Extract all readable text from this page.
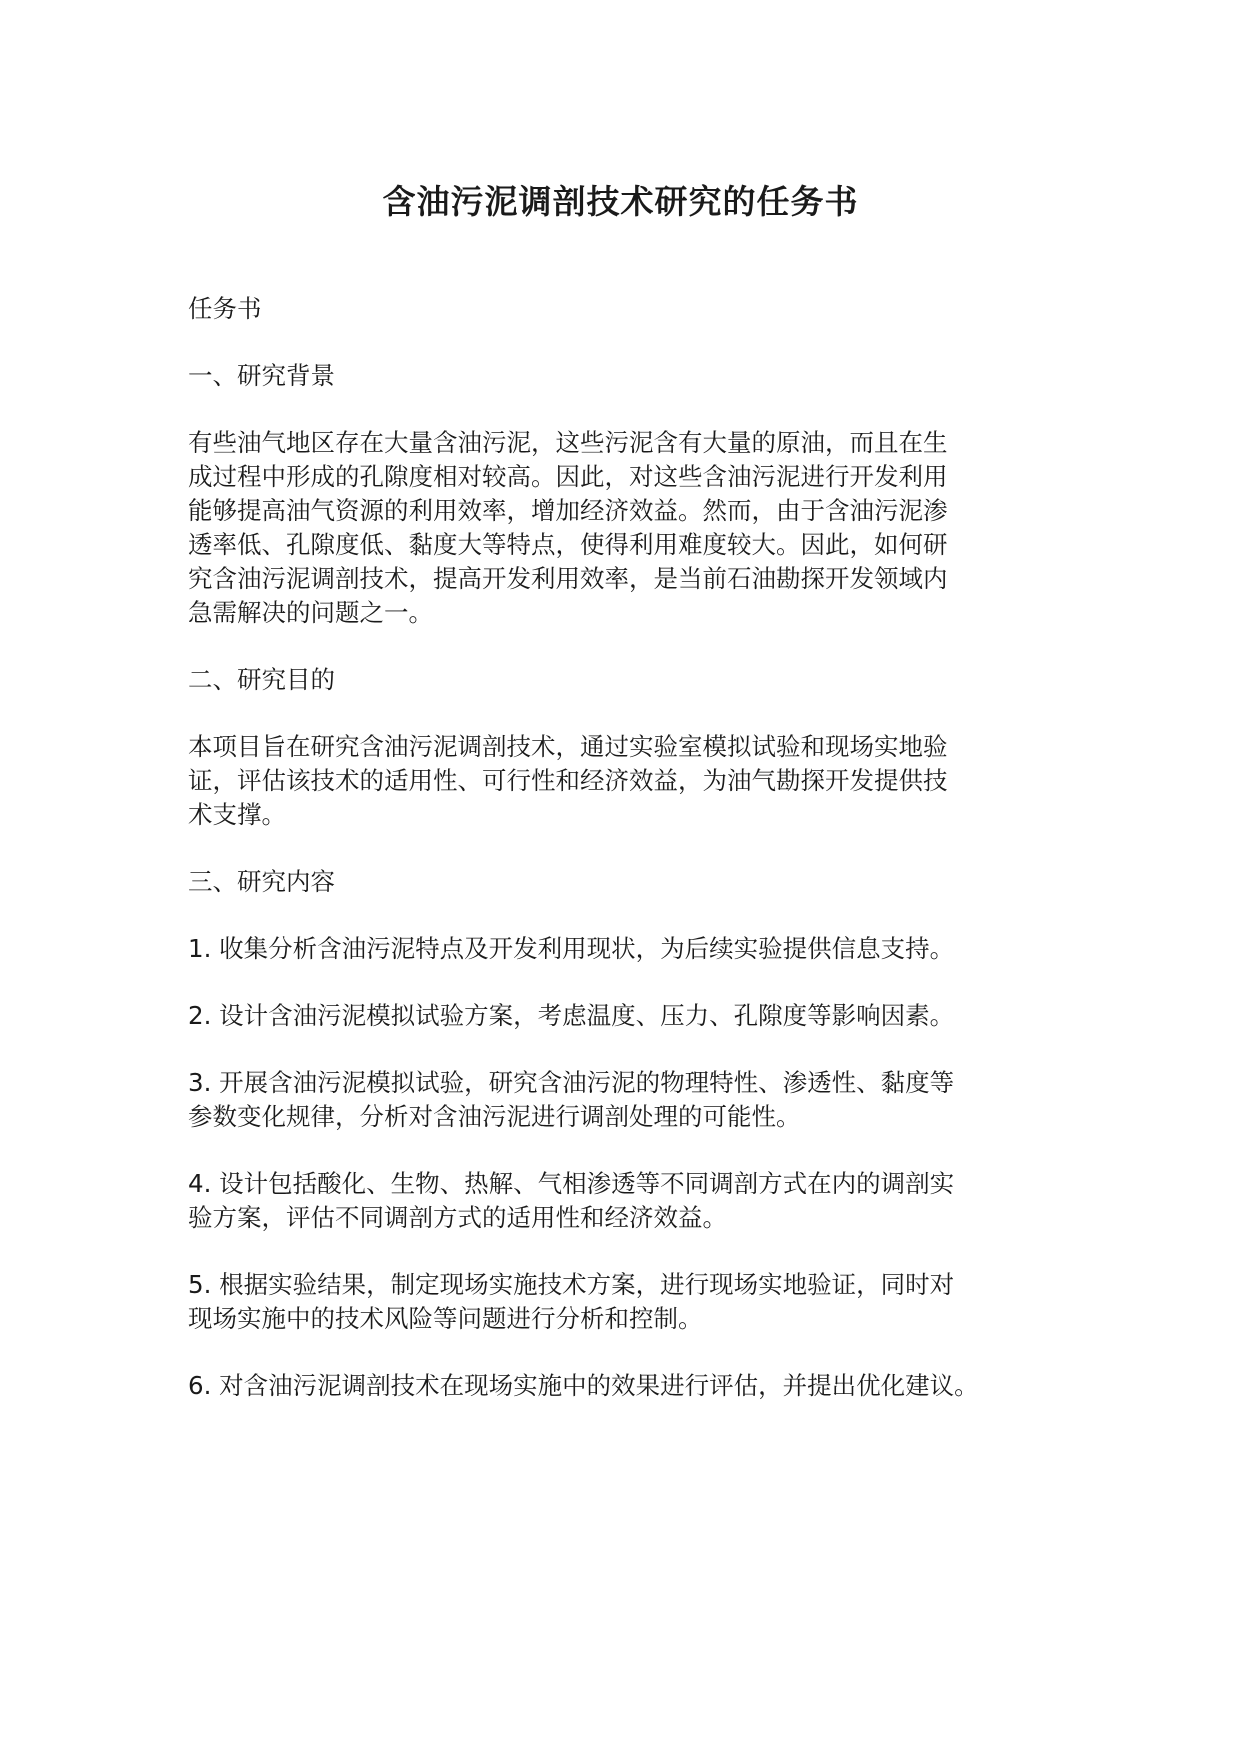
含油污泥调剖技术研究的任务书

任务书

一、研究背景

有些油气地区存在大量含油污泥，这些污泥含有大量的原油，而且在生
成过程中形成的孔隙度相对较高。因此，对这些含油污泥进行开发利用
能够提高油气资源的利用效率，增加经济效益。然而，由于含油污泥渗
透率低、孔隙度低、黏度大等特点，使得利用难度较大。因此，如何研
究含油污泥调剖技术，提高开发利用效率，是当前石油勘探开发领域内
急需解决的问题之一。

二、研究目的

本项目旨在研究含油污泥调剖技术，通过实验室模拟试验和现场实地验
证，评估该技术的适用性、可行性和经济效益，为油气勘探开发提供技
术支撑。

三、研究内容

1. 收集分析含油污泥特点及开发利用现状，为后续实验提供信息支持。

2. 设计含油污泥模拟试验方案，考虑温度、压力、孔隙度等影响因素。

3. 开展含油污泥模拟试验，研究含油污泥的物理特性、渗透性、黏度等
参数变化规律，分析对含油污泥进行调剖处理的可能性。

4. 设计包括酸化、生物、热解、气相渗透等不同调剖方式在内的调剖实
验方案，评估不同调剖方式的适用性和经济效益。

5. 根据实验结果，制定现场实施技术方案，进行现场实地验证，同时对
现场实施中的技术风险等问题进行分析和控制。

6. 对含油污泥调剖技术在现场实施中的效果进行评估，并提出优化建议。
